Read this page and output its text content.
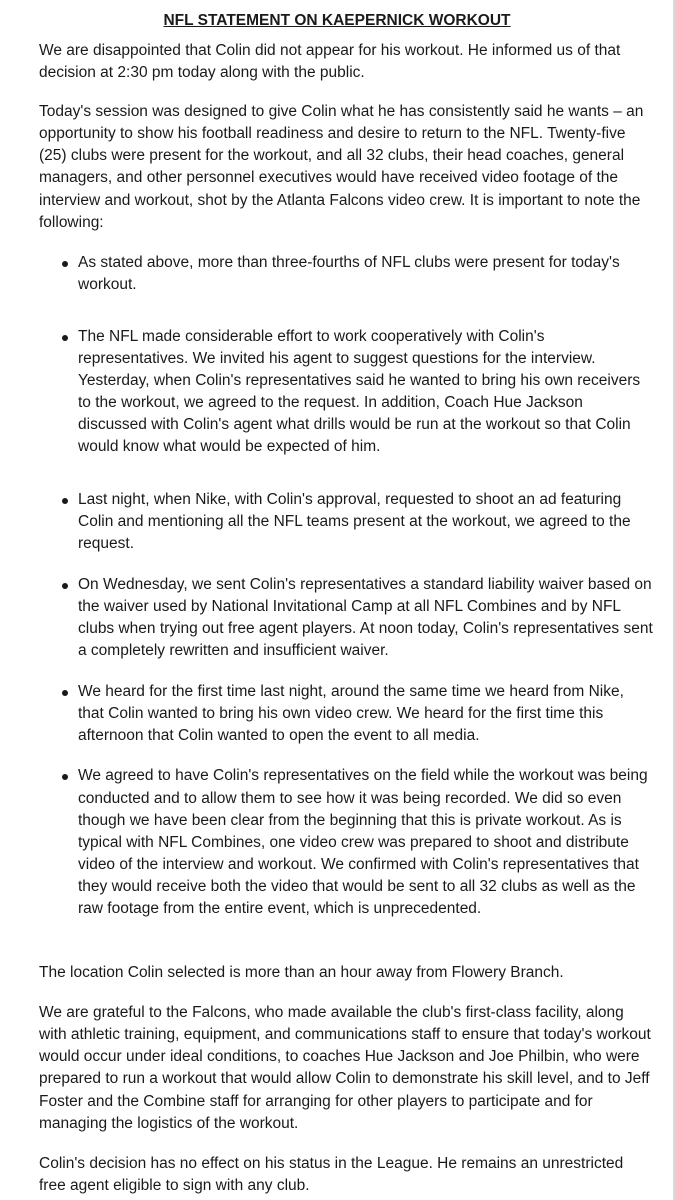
NFL STATEMENT ON KAEPERNICK WORKOUT

We are disappointed that Colin did not appear for his workout. He informed us of that decision at 2:30 pm today along with the public.

Today's session was designed to give Colin what he has consistently said he wants – an opportunity to show his football readiness and desire to return to the NFL. Twenty-five (25) clubs were present for the workout, and all 32 clubs, their head coaches, general managers, and other personnel executives would have received video footage of the interview and workout, shot by the Atlanta Falcons video crew. It is important to note the following:

As stated above, more than three-fourths of NFL clubs were present for today's workout.
The NFL made considerable effort to work cooperatively with Colin's representatives. We invited his agent to suggest questions for the interview. Yesterday, when Colin's representatives said he wanted to bring his own receivers to the workout, we agreed to the request. In addition, Coach Hue Jackson discussed with Colin's agent what drills would be run at the workout so that Colin would know what would be expected of him.
Last night, when Nike, with Colin's approval, requested to shoot an ad featuring Colin and mentioning all the NFL teams present at the workout, we agreed to the request.
On Wednesday, we sent Colin's representatives a standard liability waiver based on the waiver used by National Invitational Camp at all NFL Combines and by NFL clubs when trying out free agent players. At noon today, Colin's representatives sent a completely rewritten and insufficient waiver.
We heard for the first time last night, around the same time we heard from Nike, that Colin wanted to bring his own video crew. We heard for the first time this afternoon that Colin wanted to open the event to all media.
We agreed to have Colin's representatives on the field while the workout was being conducted and to allow them to see how it was being recorded. We did so even though we have been clear from the beginning that this is private workout. As is typical with NFL Combines, one video crew was prepared to shoot and distribute video of the interview and workout. We confirmed with Colin's representatives that they would receive both the video that would be sent to all 32 clubs as well as the raw footage from the entire event, which is unprecedented.

The location Colin selected is more than an hour away from Flowery Branch.

We are grateful to the Falcons, who made available the club's first-class facility, along with athletic training, equipment, and communications staff to ensure that today's workout would occur under ideal conditions, to coaches Hue Jackson and Joe Philbin, who were prepared to run a workout that would allow Colin to demonstrate his skill level, and to Jeff Foster and the Combine staff for arranging for other players to participate and for managing the logistics of the workout.

Colin's decision has no effect on his status in the League. He remains an unrestricted free agent eligible to sign with any club.
